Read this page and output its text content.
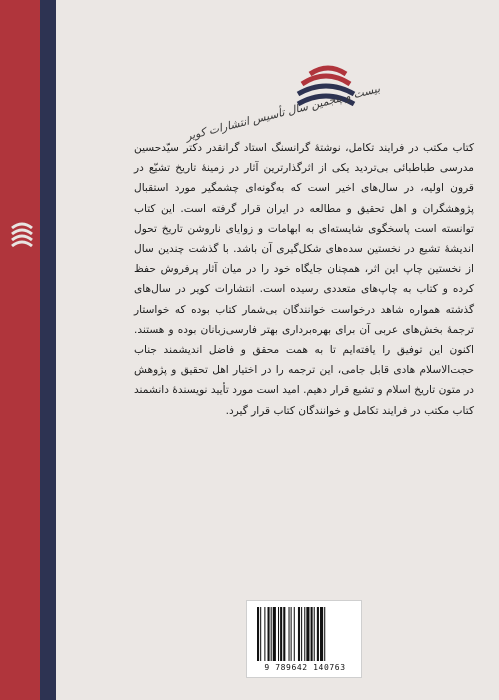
بیست و پنجمین سال تأسیس انتشارات کویر
کتاب مکتب در فرایند تکامل، نوشتهٔ گرانسنگ استاد گرانقدر دکتر سیّدحسین مدرسی طباطبائی بی‌تردید یکی از اثرگذارترین آثار در زمینهٔ تاریخ تشیّع در قرون اولیه، در سال‌های اخیر است که به‌گونه‌ای چشمگیر مورد استقبال پژوهشگران و اهل تحقیق و مطالعه در ایران قرار گرفته است. این کتاب توانسته است پاسخگوی شایسته‌ای به ابهامات و زوایای ناروشن تاریخ تحول اندیشهٔ تشیع در نخستین سده‌های شکل‌گیری آن باشد. با گذشت چندین سال از نخستین چاپ این اثر، همچنان جایگاه خود را در میان آثار پرفروش حفظ کرده و کتاب به چاپ‌های متعددی رسیده است. انتشارات کویر در سال‌های گذشته همواره شاهد درخواست خوانندگان بی‌شمار کتاب بوده که خواستار ترجمهٔ بخش‌های عربی آن برای بهره‌برداری بهتر فارسی‌زبانان بوده و هستند. اکنون این توفیق را یافته‌ایم تا به همت محقق و فاضل اندیشمند جناب حجت‌الاسلام هادی قابل جامی، این ترجمه را در اختیار اهل تحقیق و پژوهش در متون تاریخ اسلام و تشیع قرار دهیم. امید است مورد تأیید نویسندهٔ دانشمند کتاب مکتب در فرایند تکامل و خوانندگان کتاب قرار گیرد.
9 789642 140763
